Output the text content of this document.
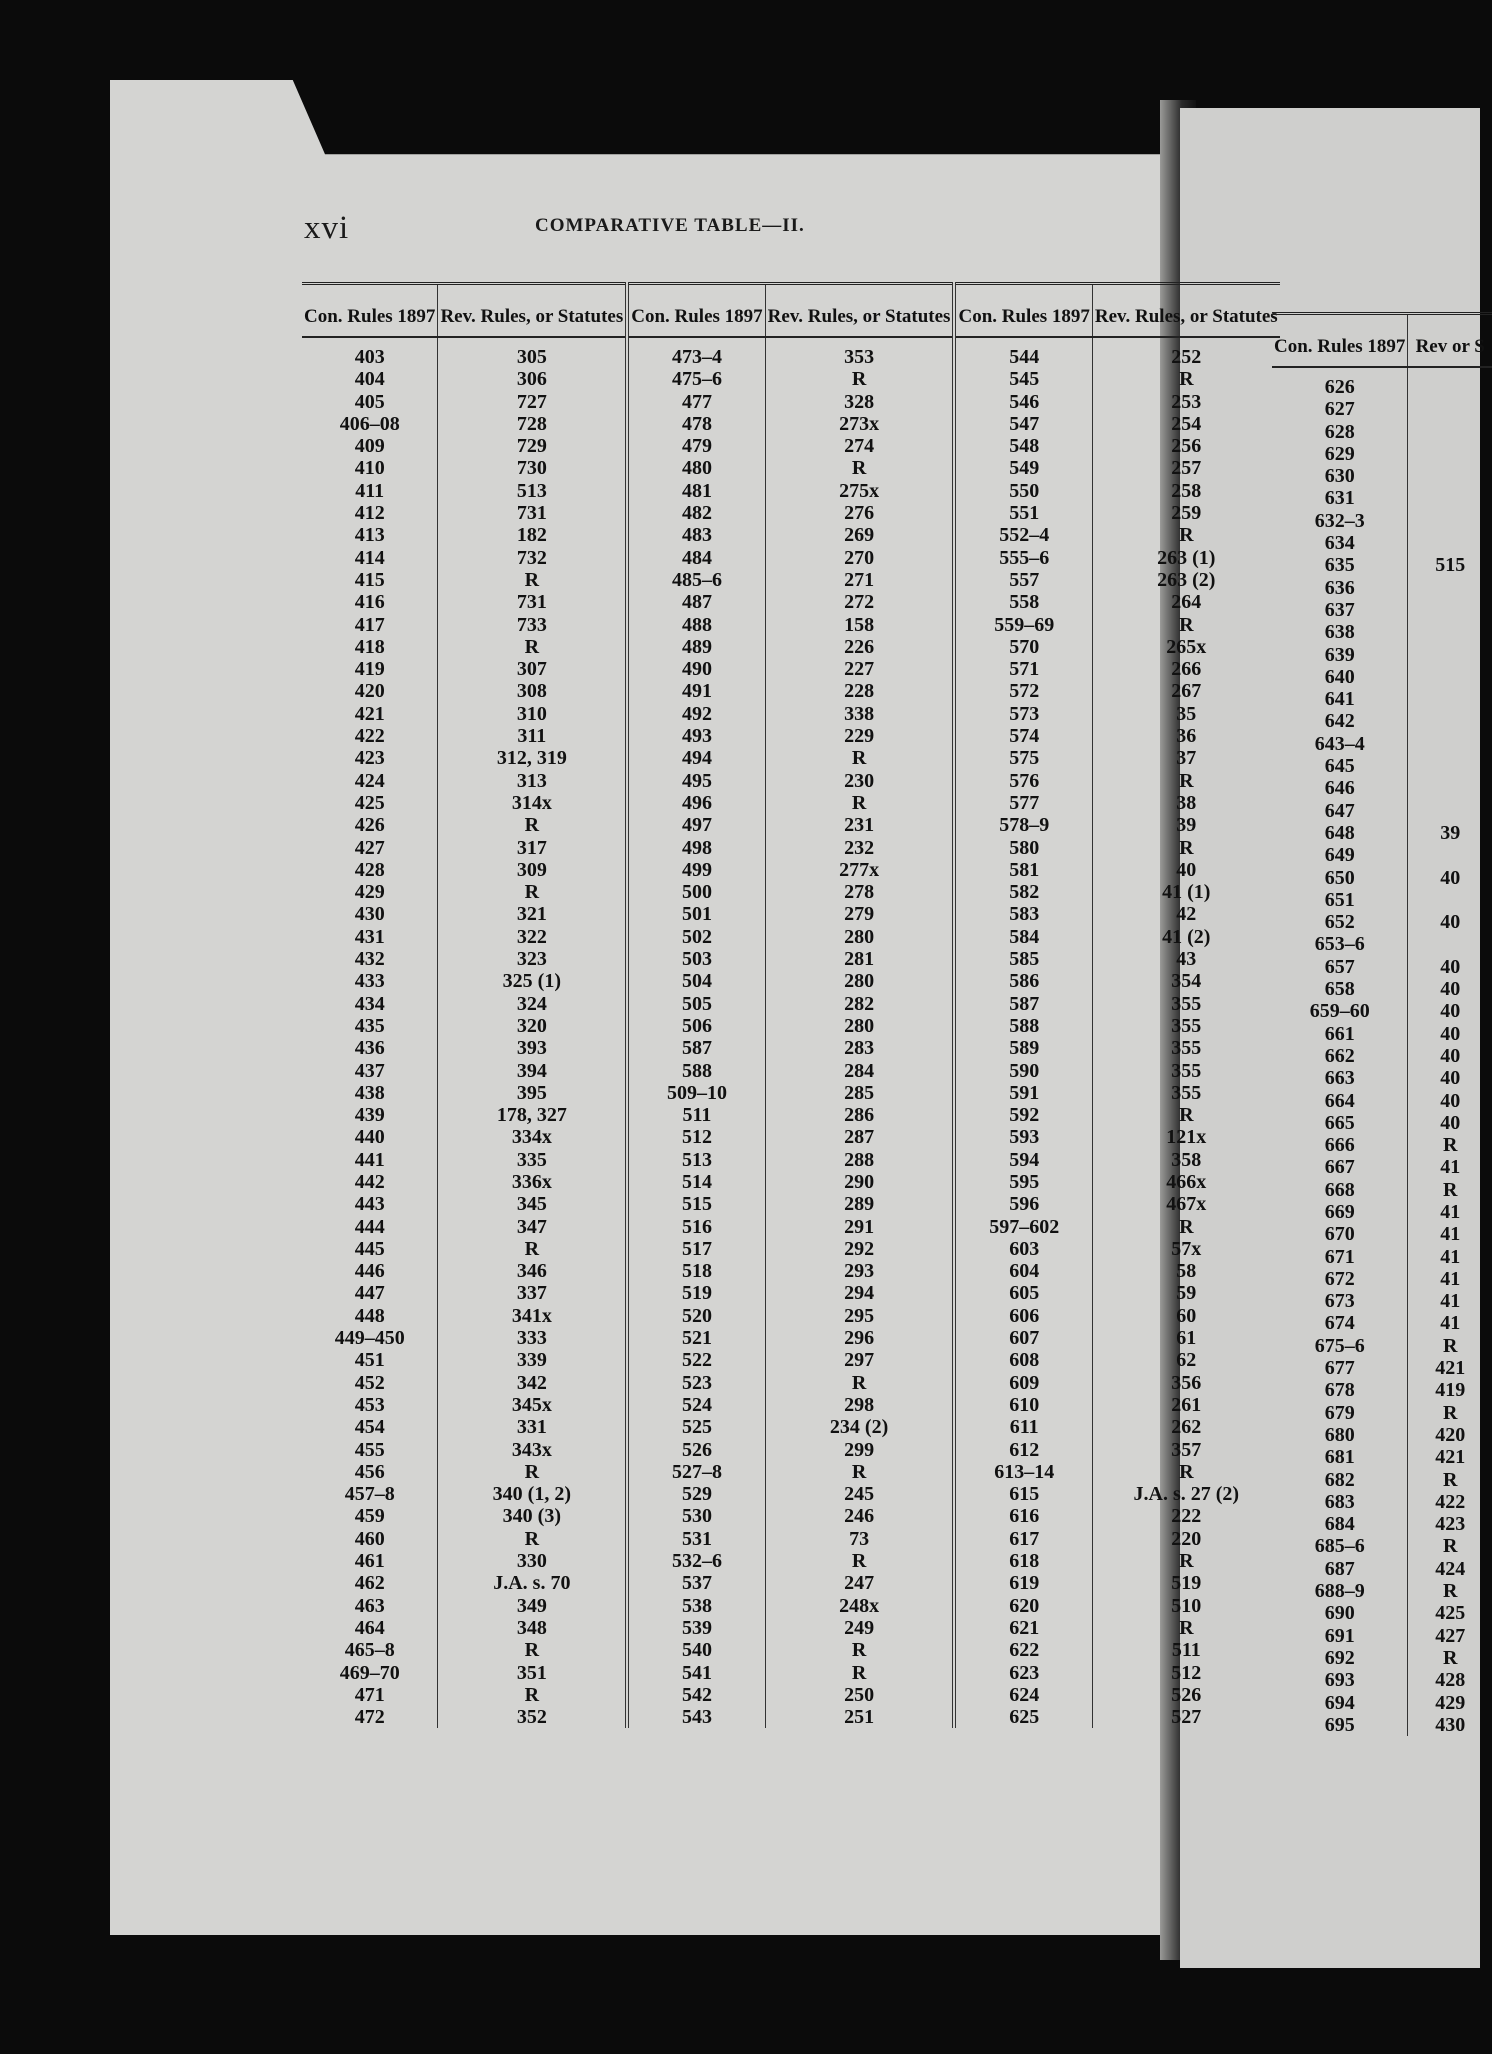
xvi	COMPARATIVE TABLE—II.
Con. Rules 1897	Rev. Rules, or Statutes	Con. Rules 1897	Rev. Rules, or Statutes	Con. Rules 1897	Rev. Rules, or Statutes
403	305	473–4	353	544	252
404	306	475–6	R	545	R
405	727	477	328	546	253
406–08	728	478	273x	547	254
409	729	479	274	548	256
410	730	480	R	549	257
411	513	481	275x	550	258
412	731	482	276	551	259
413	182	483	269	552–4	R
414	732	484	270	555–6	263 (1)
415	R	485–6	271	557	263 (2)
416	731	487	272	558	264
417	733	488	158	559–69	R
418	R	489	226	570	265x
419	307	490	227	571	266
420	308	491	228	572	267
421	310	492	338	573	35
422	311	493	229	574	36
423	312, 319	494	R	575	37
424	313	495	230	576	R
425	314x	496	R	577	38
426	R	497	231	578–9	39
427	317	498	232	580	R
428	309	499	277x	581	40
429	R	500	278	582	41 (1)
430	321	501	279	583	42
431	322	502	280	584	41 (2)
432	323	503	281	585	43
433	325 (1)	504	280	586	354
434	324	505	282	587	355
435	320	506	280	588	355
436	393	587	283	589	355
437	394	588	284	590	355
438	395	509–10	285	591	355
439	178, 327	511	286	592	R
440	334x	512	287	593	121x
441	335	513	288	594	358
442	336x	514	290	595	466x
443	345	515	289	596	467x
444	347	516	291	597–602	R
445	R	517	292	603	57x
446	346	518	293	604	58
447	337	519	294	605	59
448	341x	520	295	606	60
449–450	333	521	296	607	61
451	339	522	297	608	62
452	342	523	R	609	356
453	345x	524	298	610	261
454	331	525	234 (2)	611	262
455	343x	526	299	612	357
456	R	527–8	R	613–14	R
457–8	340 (1, 2)	529	245	615	J.A. s. 27 (2)
459	340 (3)	530	246	616	222
460	R	531	73	617	220
461	330	532–6	R	618	R
462	J.A. s. 70	537	247	619	519
463	349	538	248x	620	510
464	348	539	249	621	R
465–8	R	540	R	622	511
469–70	351	541	R	623	512
471	R	542	250	624	526
472	352	543	251	625	527
Con. Rules 1897	Rev or S
626	
627	
628	
629	
630	
631	
632–3	
634	
635	515
636	
637	
638	
639	
640	
641	
642	
643–4	
645	
646	
647	
648	39
649	
650	40
651	
652	40
653–6	
657	40
658	40
659–60	40
661	40
662	40
663	40
664	40
665	40
666	R
667	41
668	R
669	41
670	41
671	41
672	41
673	41
674	41
675–6	R
677	421
678	419
679	R
680	420
681	421
682	R
683	422
684	423
685–6	R
687	424
688–9	R
690	425
691	427
692	R
693	428
694	429
695	430
